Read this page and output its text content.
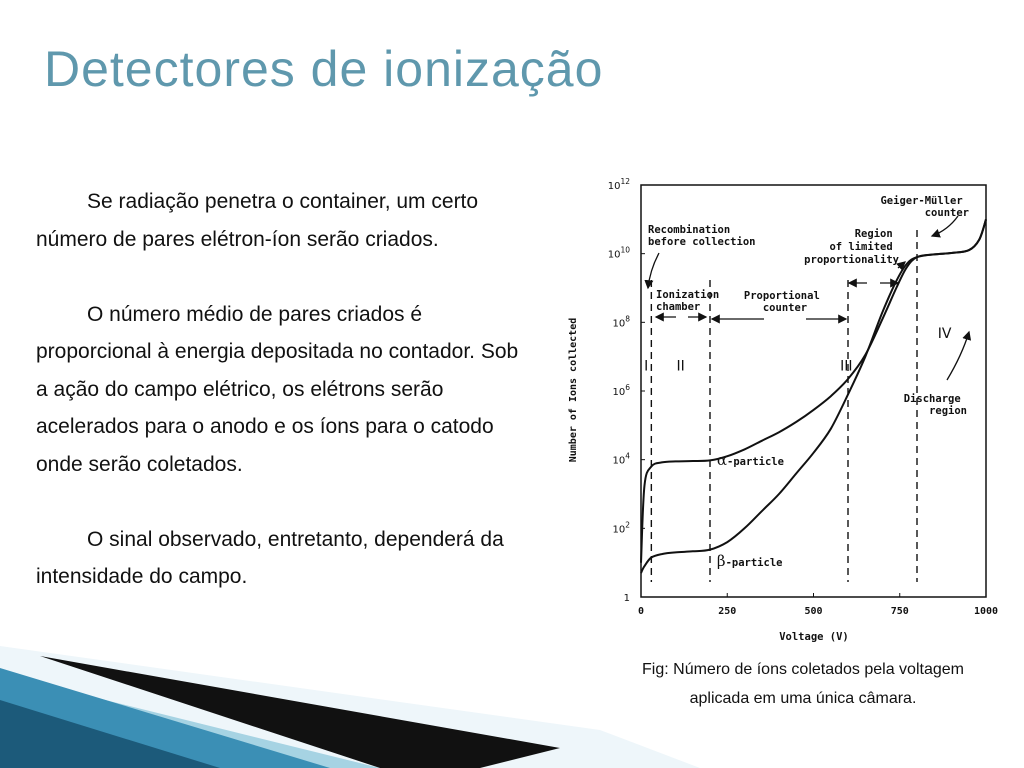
Detectores de ionização

Se radiação penetra o container, um certo número de pares elétron-íon serão criados.

O número médio de pares criados é proporcional à energia depositada no contador. Sob a ação do campo elétrico, os elétrons serão acelerados para o anodo e os íons para o catodo onde serão coletados.

O sinal observado, entretanto, dependerá da intensidade do campo.

1
$10^2$
$10^4$
$10^6$
$10^8$
$10^{10}$
$10^{12}$
0	250	500	750	1000
I II	III
IV
α-particle
β-particle
Recombination before collection
Ionization chamber
Proportional counter
Region of limited proportionality
Geiger-Müller counter
Discharge region
Voltage (V)
Number of Ions collected
Fig: Número de íons coletados pela voltagem
aplicada em uma única câmara.
